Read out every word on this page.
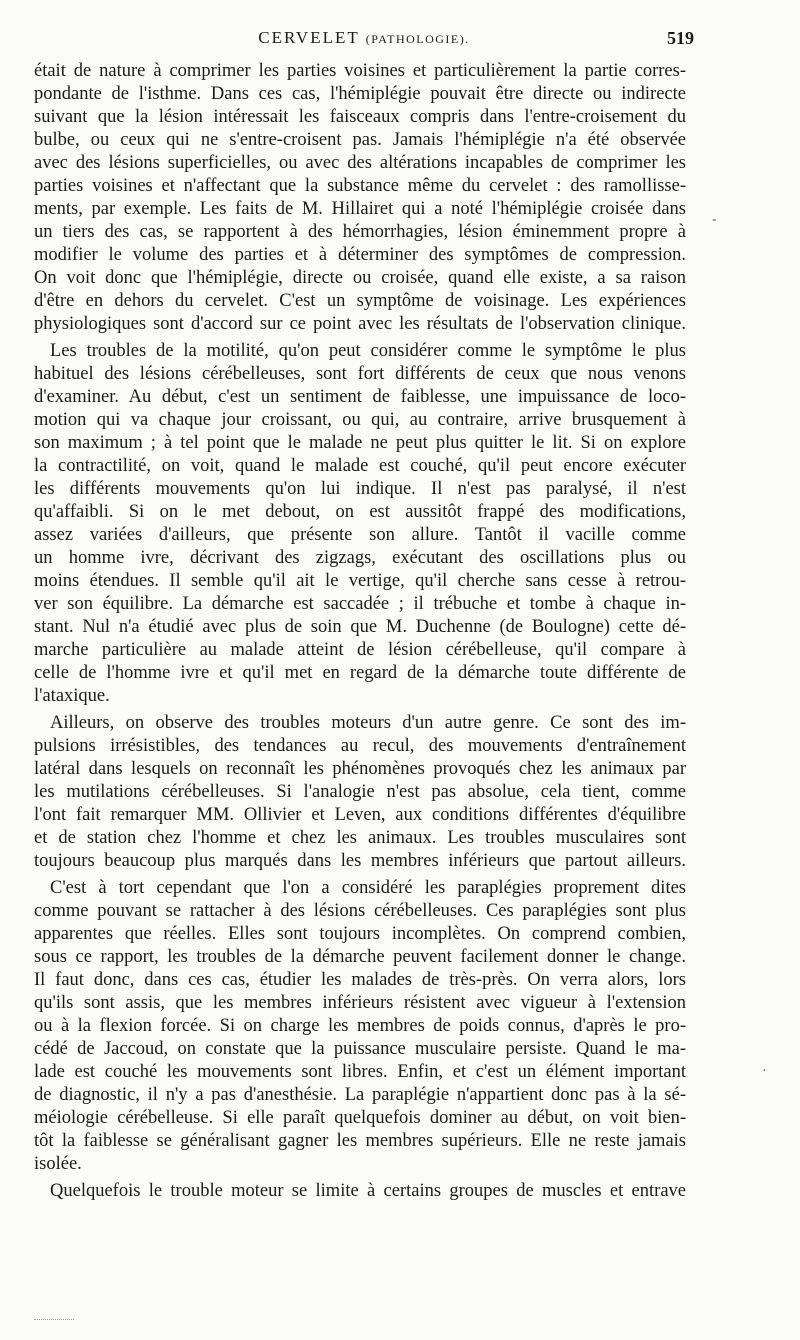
CERVELET (PATHOLOGIE).	519
était de nature à comprimer les parties voisines et particulièrement la partie corres-
pondante de l'isthme. Dans ces cas, l'hémiplégie pouvait être directe ou indirecte
suivant que la lésion intéressait les faisceaux compris dans l'entre-croisement du
bulbe, ou ceux qui ne s'entre-croisent pas. Jamais l'hémiplégie n'a été observée
avec des lésions superficielles, ou avec des altérations incapables de comprimer les
parties voisines et n'affectant que la substance même du cervelet : des ramollisse-
ments, par exemple. Les faits de M. Hillairet qui a noté l'hémiplégie croisée dans
un tiers des cas, se rapportent à des hémorrhagies, lésion éminemment propre à
modifier le volume des parties et à déterminer des symptômes de compression.
On voit donc que l'hémiplégie, directe ou croisée, quand elle existe, a sa raison
d'être en dehors du cervelet. C'est un symptôme de voisinage. Les expériences
physiologiques sont d'accord sur ce point avec les résultats de l'observation clinique.
Les troubles de la motilité, qu'on peut considérer comme le symptôme le plus
habituel des lésions cérébelleuses, sont fort différents de ceux que nous venons
d'examiner. Au début, c'est un sentiment de faiblesse, une impuissance de loco-
motion qui va chaque jour croissant, ou qui, au contraire, arrive brusquement à
son maximum ; à tel point que le malade ne peut plus quitter le lit. Si on explore
la contractilité, on voit, quand le malade est couché, qu'il peut encore exécuter
les différents mouvements qu'on lui indique. Il n'est pas paralysé, il n'est
qu'affaibli. Si on le met debout, on est aussitôt frappé des modifications,
assez variées d'ailleurs, que présente son allure. Tantôt il vacille comme
un homme ivre, décrivant des zigzags, exécutant des oscillations plus ou
moins étendues. Il semble qu'il ait le vertige, qu'il cherche sans cesse à retrou-
ver son équilibre. La démarche est saccadée ; il trébuche et tombe à chaque in-
stant. Nul n'a étudié avec plus de soin que M. Duchenne (de Boulogne) cette dé-
marche particulière au malade atteint de lésion cérébelleuse, qu'il compare à
celle de l'homme ivre et qu'il met en regard de la démarche toute différente de
l'ataxique.
Ailleurs, on observe des troubles moteurs d'un autre genre. Ce sont des im-
pulsions irrésistibles, des tendances au recul, des mouvements d'entraînement
latéral dans lesquels on reconnaît les phénomènes provoqués chez les animaux par
les mutilations cérébelleuses. Si l'analogie n'est pas absolue, cela tient, comme
l'ont fait remarquer MM. Ollivier et Leven, aux conditions différentes d'équilibre
et de station chez l'homme et chez les animaux. Les troubles musculaires sont
toujours beaucoup plus marqués dans les membres inférieurs que partout ailleurs.
C'est à tort cependant que l'on a considéré les paraplégies proprement dites
comme pouvant se rattacher à des lésions cérébelleuses. Ces paraplégies sont plus
apparentes que réelles. Elles sont toujours incomplètes. On comprend combien,
sous ce rapport, les troubles de la démarche peuvent facilement donner le change.
Il faut donc, dans ces cas, étudier les malades de très-près. On verra alors, lors
qu'ils sont assis, que les membres inférieurs résistent avec vigueur à l'extension
ou à la flexion forcée. Si on charge les membres de poids connus, d'après le pro-
cédé de Jaccoud, on constate que la puissance musculaire persiste. Quand le ma-
lade est couché les mouvements sont libres. Enfin, et c'est un élément important
de diagnostic, il n'y a pas d'anesthésie. La paraplégie n'appartient donc pas à la sé-
méiologie cérébelleuse. Si elle paraît quelquefois dominer au début, on voit bien-
tôt la faiblesse se généralisant gagner les membres supérieurs. Elle ne reste jamais
isolée.
Quelquefois le trouble moteur se limite à certains groupes de muscles et entrave
-
·
